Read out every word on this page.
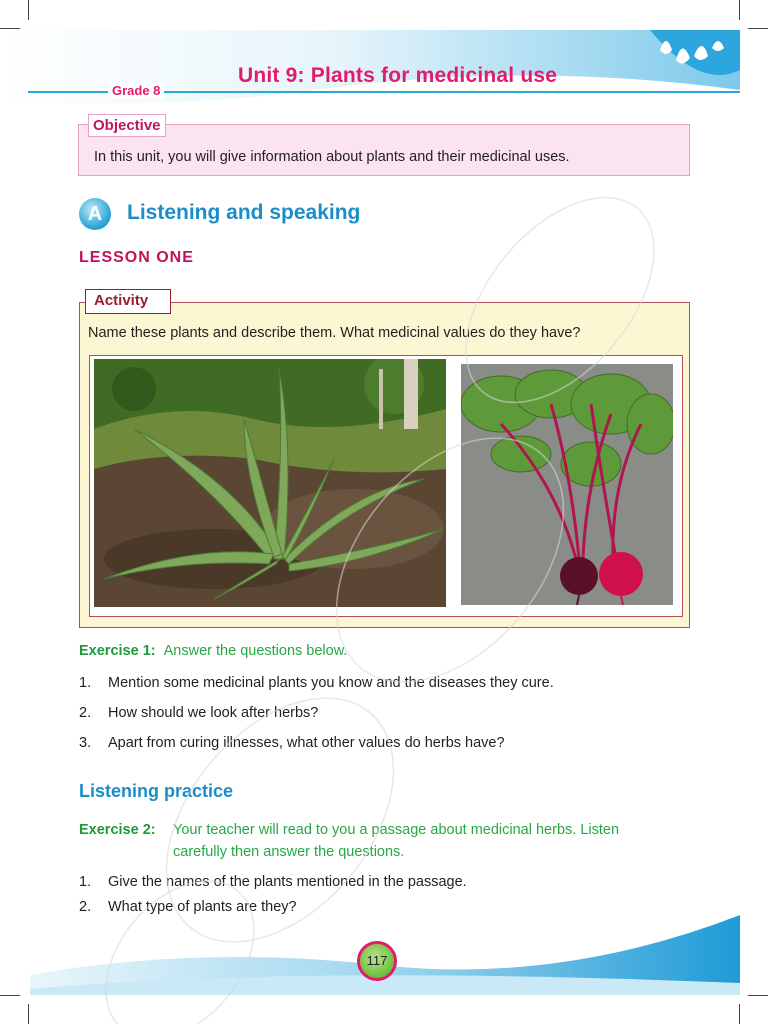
Grade 8
Unit 9: Plants for medicinal use
Objective
In this unit, you will give information about plants and their medicinal uses.
A	Listening and speaking
LESSON ONE
Activity
Name these plants and describe them. What medicinal values do they have?
Exercise 1: Answer the questions below.
1. Mention some medicinal plants you know and the diseases they cure.
2. How should we look after herbs?
3. Apart from curing illnesses, what other values do herbs have?
Listening practice
Exercise 2: Your teacher will read to you a passage about medicinal herbs. Listen
carefully then answer the questions.
1. Give the names of the plants mentioned in the passage.
2. What type of plants are they?
117
